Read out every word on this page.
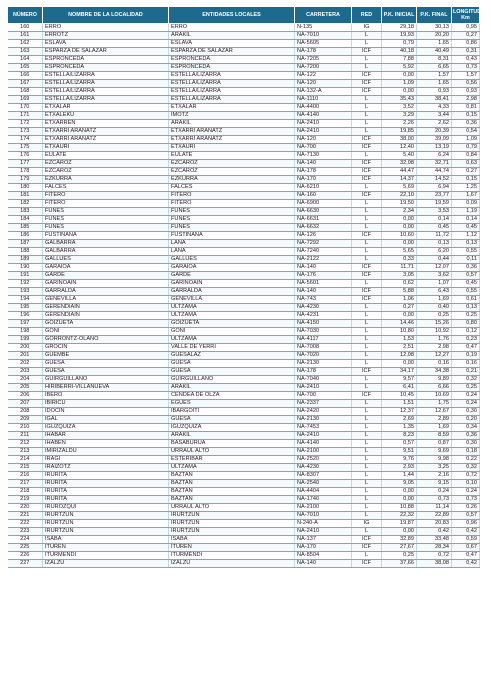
NÚMERO	NOMBRE DE LA LOCALIDAD	ENTIDADES LOCALES	CARRETERA	RED	P.K. INICIAL	P.K. FINAL	LONGITUD Km
160	ERRO	ERRO	N-135	IG	29,18	30,13	0,95
161	ERROTZ	ARAKIL	NA-7010	L	19,93	20,20	0,27
162	ESLAVA	ESLAVA	NA-5605	L	0,79	1,65	0,86
163	ESPARZA DE SALAZAR	ESPARZA DE SALAZAR	NA-178	ICF	40,18	40,49	0,31
164	ESPRONCEDA	ESPRONCEDA	NA-7205	L	7,88	8,31	0,43
165	ESPRONCEDA	ESPRONCEDA	NA-7200	L	5,92	6,65	0,73
166	ESTELLA/LIZARRA	ESTELLA/LIZARRA	NA-122	ICF	0,00	1,57	1,57
167	ESTELLA/LIZARRA	ESTELLA/LIZARRA	NA-120	ICF	1,09	1,65	0,56
168	ESTELLA/LIZARRA	ESTELLA/LIZARRA	NA-132-A	ICF	0,00	0,93	0,93
169	ESTELLA/LIZARRA	ESTELLA/LIZARRA	NA-1110	L	35,43	38,41	2,98
170	ETXALAR	ETXALAR	NA-4400	L	3,52	4,33	0,81
171	ETXALEKU	IMOTZ	NA-4140	L	3,29	3,44	0,15
172	ETXARREN	ARAKIL	NA-2410	L	2,26	2,62	0,36
173	ETXARRI ARANATZ	ETXARRI ARANATZ	NA-2410	L	19,85	20,39	0,54
174	ETXARRI ARANATZ	ETXARRI ARANATZ	NA-120	ICF	38,00	39,09	1,09
175	ETXAURI	ETXAURI	NA-700	ICF	12,40	13,19	0,79
176	EULATE	EULATE	NA-7130	L	5,40	6,24	0,84
177	EZCÁROZ	EZCÁROZ	NA-140	ICF	32,08	32,71	0,63
178	EZCÁROZ	EZCÁROZ	NA-178	ICF	44,47	44,74	0,27
179	EZKURRA	EZKURRA	NA-170	ICF	14,37	14,52	0,15
180	FALCES	FALCES	NA-6210	L	5,69	6,94	1,25
181	FITERO	FITERO	NA-160	ICF	22,10	23,77	1,67
182	FITERO	FITERO	NA-6900	L	19,50	19,59	0,09
183	FUNES	FUNES	NA-6630	L	2,34	3,53	1,19
184	FUNES	FUNES	NA-6631	L	0,00	0,14	0,14
185	FUNES	FUNES	NA-6632	L	0,00	0,45	0,45
186	FUSTIÑANA	FUSTIÑANA	NA-126	ICF	10,60	11,72	1,12
187	GALBARRA	LANA	NA-7292	L	0,00	0,13	0,13
188	GALBARRA	LANA	NA-7240	L	5,65	6,20	0,55
189	GALLUÉS	GALLUÉS	NA-2122	L	0,33	0,44	0,11
190	GARAIOA	GARAIOA	NA-140	ICF	11,71	12,07	0,36
191	GARDE	GARDE	NA-176	ICF	3,05	3,62	0,57
192	GARÍNOAIN	GARÍNOAIN	NA-5601	L	0,62	1,07	0,45
193	GARRALDA	GARRALDA	NA-140	ICF	5,88	6,43	0,55
194	GENEVILLA	GENEVILLA	NA-743	ICF	1,06	1,69	0,61
195	GERENDIAIN	ULTZAMA	NA-4230	L	0,27	0,40	0,13
196	GERENDIAIN	ULTZAMA	NA-4231	L	0,00	0,25	0,25
197	GOIZUETA	GOIZUETA	NA-4150	L	14,46	15,26	0,80
198	GOÑI	GOÑI	NA-7030	L	10,80	10,92	0,12
199	GORRONTZ-OLANO	ULTZAMA	NA-4117	L	1,53	1,76	0,23
200	GROCIN	VALLE DE YERRI	NA-7008	L	2,51	2,98	0,47
201	GUEMBE	GUESÁLAZ	NA-7020	L	12,08	12,27	0,19
202	GÜESA	GÜESA	NA-2130	L	0,00	0,16	0,16
203	GÜESA	GÜESA	NA-178	ICF	34,17	34,38	0,21
204	GUIRGUILLANO	GUIRGUILLANO	NA-7040	L	9,57	9,89	0,32
205	HIRIBERRI-VILLANUEVA	ARAKIL	NA-2410	L	6,41	6,66	0,25
206	IBERO	CENDEA DE OLZA	NA-700	ICF	10,45	10,69	0,24
207	IBIRICU	EGÜÉS	NA-2337	L	1,51	1,75	0,24
208	IDOCIN	IBARGOITI	NA-2420	L	12,37	12,67	0,30
209	IGAL	GÜESA	NA-2130	L	2,69	2,89	0,20
210	IGÚZQUIZA	IGÚZQUIZA	NA-7453	L	1,35	1,69	0,34
211	IHABAR	ARAKIL	NA-2410	L	8,23	8,59	0,36
212	IHABEN	BASABURUA	NA-4140	L	0,57	0,87	0,30
213	IMIRIZALDU	URRAÚL ALTO	NA-2100	L	9,51	9,69	0,18
214	IRAGI	ESTERIBAR	NA-2520	L	9,76	9,98	0,22
215	IRAIZOTZ	ULTZAMA	NA-4230	L	2,93	3,25	0,32
216	IRURITA	BAZTAN	NA-8307	L	1,44	2,16	0,72
217	IRURITA	BAZTAN	NA-2540	L	9,05	9,15	0,10
218	IRURITA	BAZTAN	NA-4404	L	0,00	0,24	0,24
219	IRURITA	BAZTAN	NA-1740	L	0,00	0,73	0,73
220	IRUROZQUI	URRAÚL ALTO	NA-2100	L	10,88	11,14	0,26
221	IRURTZUN	IRURTZUN	NA-7010	L	22,32	22,89	0,57
222	IRURTZUN	IRURTZUN	N-240-A	IG	19,87	20,83	0,96
223	IRURTZUN	IRURTZUN	NA-2410	L	0,00	0,42	0,42
224	ISABA	ISABA	NA-137	ICF	32,89	33,48	0,59
225	ITUREN	ITUREN	NA-170	ICF	27,67	28,34	0,67
226	ITURMENDI	ITURMENDI	NA-8504	L	0,25	0,72	0,47
227	IZALZU	IZALZU	NA-140	ICF	37,66	38,08	0,42
